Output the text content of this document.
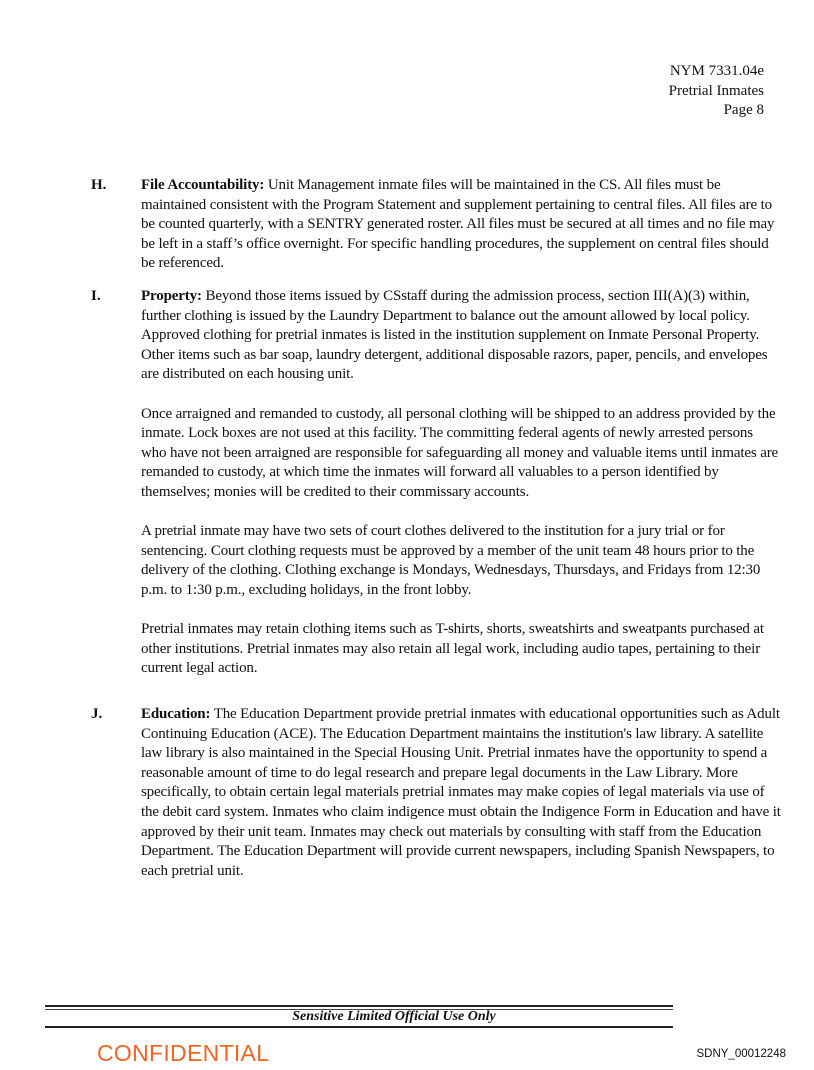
NYM 7331.04e
Pretrial Inmates
Page 8
H. File Accountability: Unit Management inmate files will be maintained in the CS. All files must be maintained consistent with the Program Statement and supplement pertaining to central files. All files are to be counted quarterly, with a SENTRY generated roster. All files must be secured at all times and no file may be left in a staff’s office overnight. For specific handling procedures, the supplement on central files should be referenced.

I.	Property: Beyond those items issued by CSstaff during the admission process, section III(A)(3) within, further clothing is issued by the Laundry Department to balance out the amount allowed by local policy. Approved clothing for pretrial inmates is listed in the institution supplement on Inmate Personal Property. Other items such as bar soap, laundry detergent, additional disposable razors, paper, pencils, and envelopes are distributed on each housing unit.

Once arraigned and remanded to custody, all personal clothing will be shipped to an address provided by the inmate. Lock boxes are not used at this facility. The committing federal agents of newly arrested persons who have not been arraigned are responsible for safeguarding all money and valuable items until inmates are remanded to custody, at which time the inmates will forward all valuables to a person identified by themselves; monies will be credited to their commissary accounts.

A pretrial inmate may have two sets of court clothes delivered to the institution for a jury trial or for sentencing. Court clothing requests must be approved by a member of the unit team 48 hours prior to the delivery of the clothing. Clothing exchange is Mondays, Wednesdays, Thursdays, and Fridays from 12:30 p.m. to 1:30 p.m., excluding holidays, in the front lobby.

Pretrial inmates may retain clothing items such as T-shirts, shorts, sweatshirts and sweatpants purchased at other institutions. Pretrial inmates may also retain all legal work, including audio tapes, pertaining to their current legal action.

J.	Education: The Education Department provide pretrial inmates with educational opportunities such as Adult Continuing Education (ACE). The Education Department maintains the institution's law library. A satellite law library is also maintained in the Special Housing Unit. Pretrial inmates have the opportunity to spend a reasonable amount of time to do legal research and prepare legal documents in the Law Library. More specifically, to obtain certain legal materials pretrial inmates may make copies of legal materials via use of the debit card system. Inmates who claim indigence must obtain the Indigence Form in Education and have it approved by their unit team. Inmates may check out materials by consulting with staff from the Education Department. The Education Department will provide current newspapers, including Spanish Newspapers, to each pretrial unit.

Sensitive Limited Official Use Only
CONFIDENTIAL	SDNY_00012248
